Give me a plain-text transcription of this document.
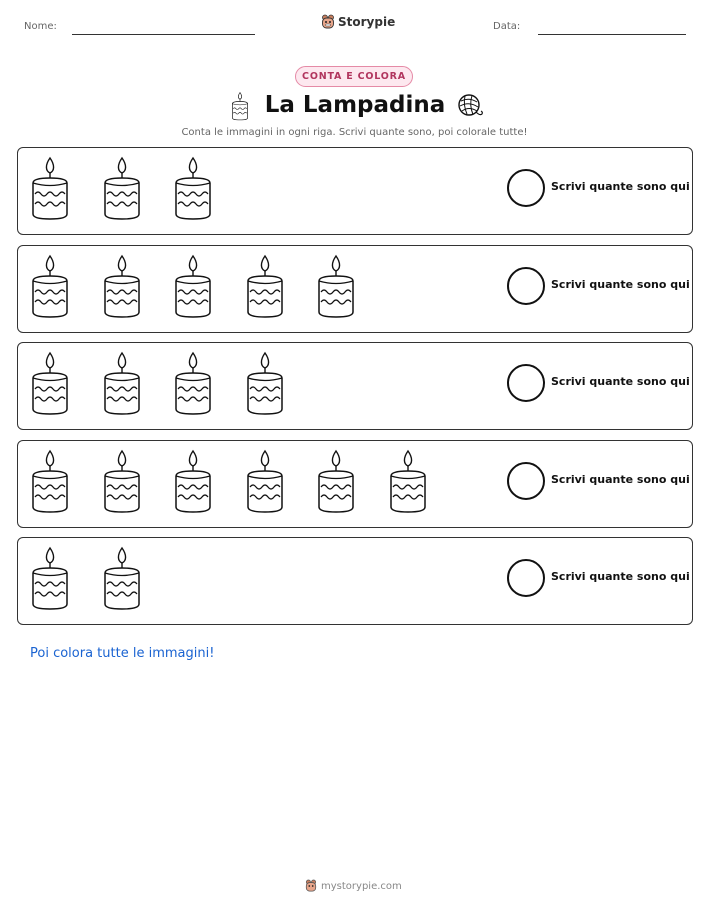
Nome:	Storypie	Data:
CONTA E COLORA
La Lampadina
Conta le immagini in ogni riga. Scrivi quante sono, poi colorale tutte!
Scrivi quante sono qui
Scrivi quante sono qui
Scrivi quante sono qui
Scrivi quante sono qui
Scrivi quante sono qui
Poi colora tutte le immagini!
mystorypie.com
